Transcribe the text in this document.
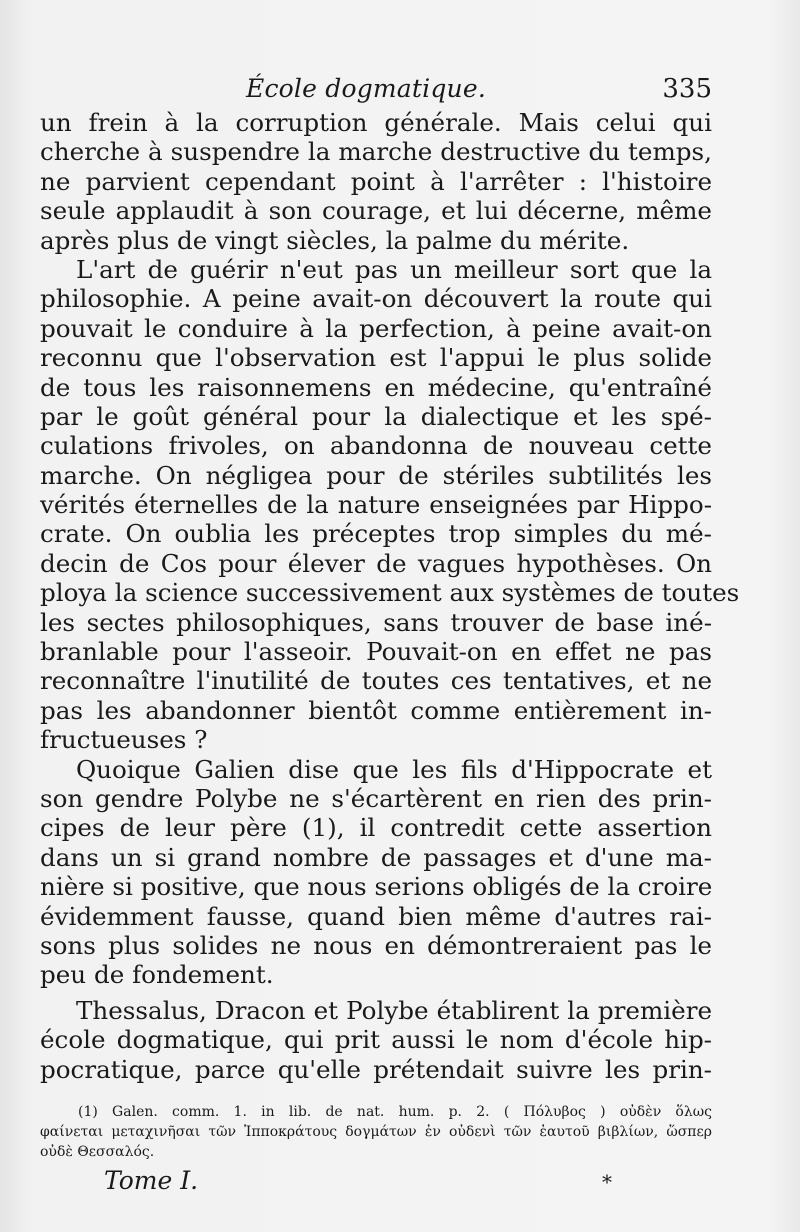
École dogmatique.	335
un frein à la corruption générale. Mais celui qui
cherche à suspendre la marche destructive du temps,
ne parvient cependant point à l'arrêter : l'histoire
seule applaudit à son courage, et lui décerne, même
après plus de vingt siècles, la palme du mérite.
L'art de guérir n'eut pas un meilleur sort que la
philosophie. A peine avait-on découvert la route qui
pouvait le conduire à la perfection, à peine avait-on
reconnu que l'observation est l'appui le plus solide
de tous les raisonnemens en médecine, qu'entraîné
par le goût général pour la dialectique et les spé-
culations frivoles, on abandonna de nouveau cette
marche. On négligea pour de stériles subtilités les
vérités éternelles de la nature enseignées par Hippo-
crate. On oublia les préceptes trop simples du mé-
decin de Cos pour élever de vagues hypothèses. On
ploya la science successivement aux systèmes de toutes
les sectes philosophiques, sans trouver de base iné-
branlable pour l'asseoir. Pouvait-on en effet ne pas
reconnaître l'inutilité de toutes ces tentatives, et ne
pas les abandonner bientôt comme entièrement in-
fructueuses ?
Quoique Galien dise que les fils d'Hippocrate et
son gendre Polybe ne s'écartèrent en rien des prin-
cipes de leur père (1), il contredit cette assertion
dans un si grand nombre de passages et d'une ma-
nière si positive, que nous serions obligés de la croire
évidemment fausse, quand bien même d'autres rai-
sons plus solides ne nous en démontreraient pas le
peu de fondement.
Thessalus, Dracon et Polybe établirent la première
école dogmatique, qui prit aussi le nom d'école hip-
pocratique, parce qu'elle prétendait suivre les prin-
(1) Galen. comm. 1. in lib. de nat. hum. p. 2. ( Πόλυβος ) οὐδὲν ὅλως
φαίνεται μεταχινῆσαι τῶν Ἱπποκράτους δογμάτων ἐν οὐδενὶ τῶν ἑαυτοῦ βιβλίων, ὥσπερ
οὐδὲ Θεσσαλός.
Tome I.	*
